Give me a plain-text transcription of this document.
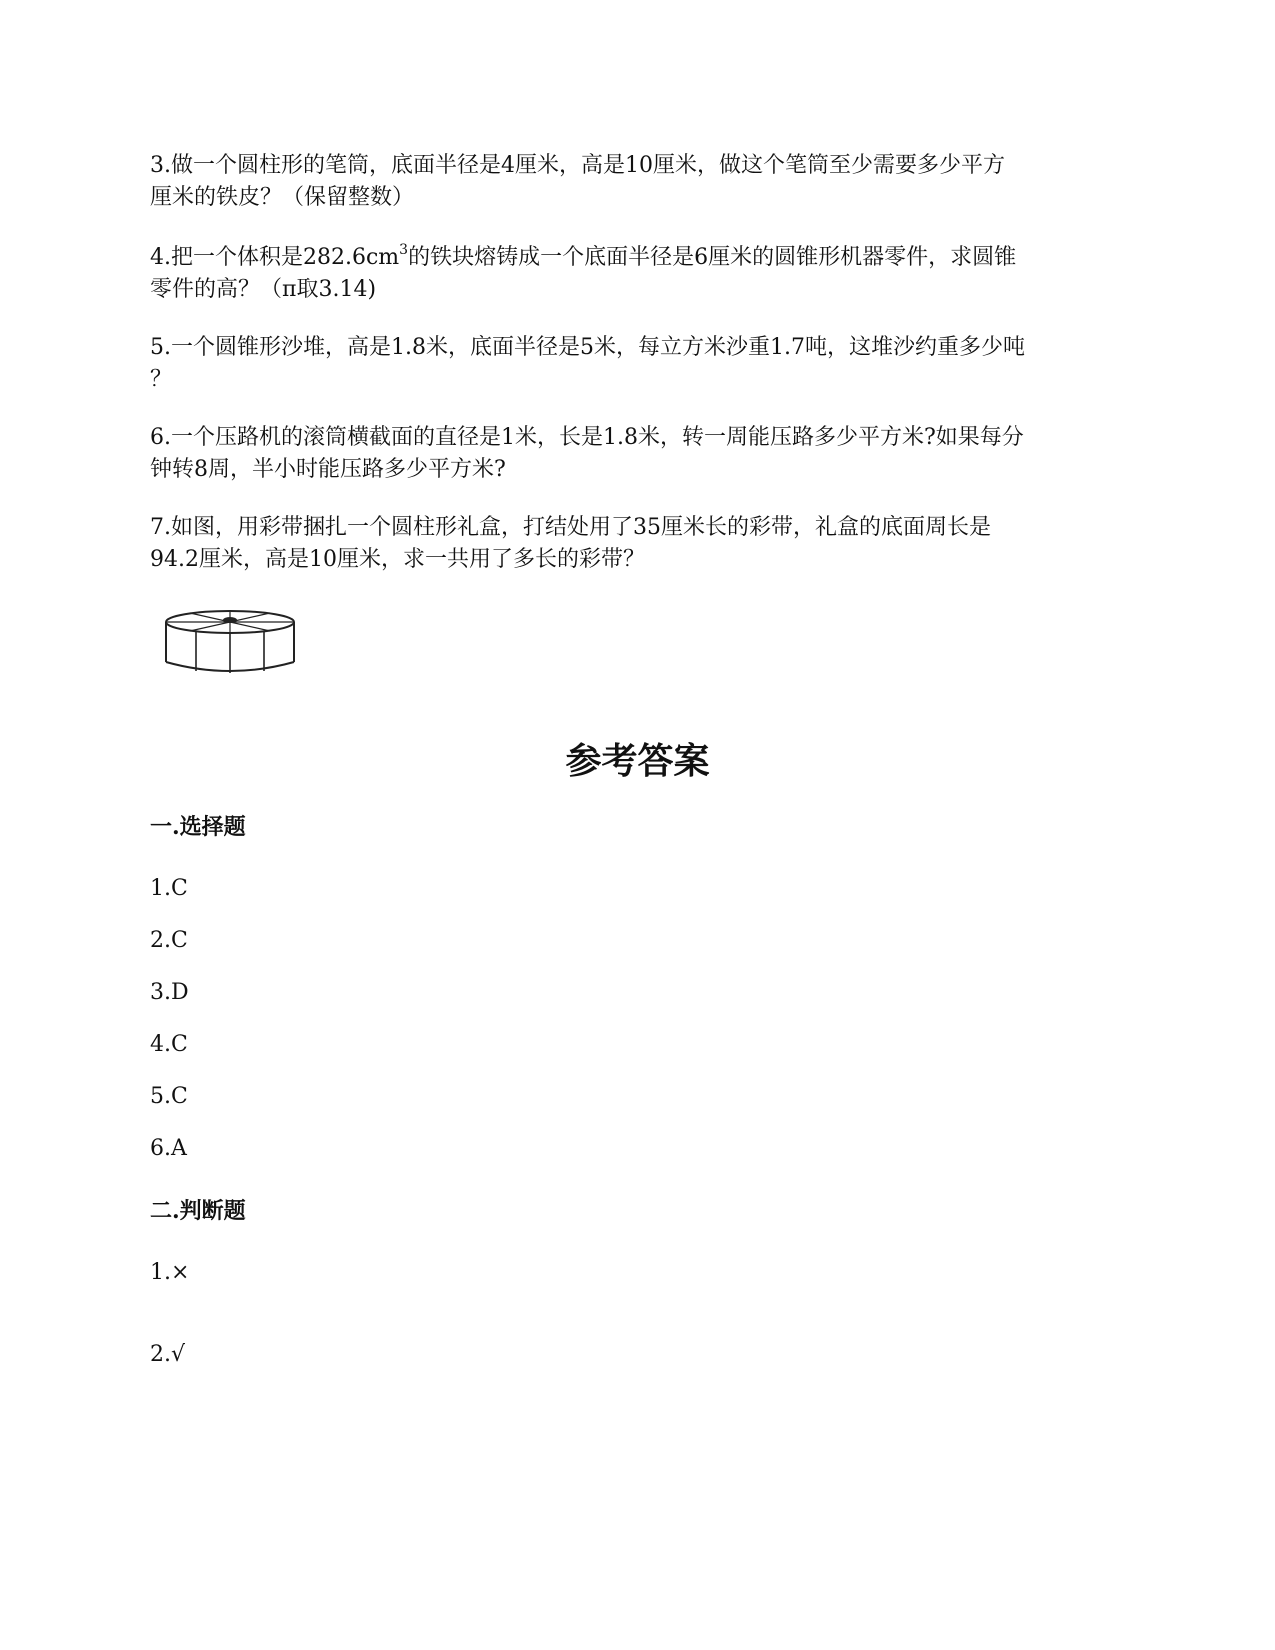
3.做一个圆柱形的笔筒，底面半径是4厘米，高是10厘米，做这个笔筒至少需要多少平方
厘米的铁皮？（保留整数）

4.把一个体积是$282.6cm^3$的铁块熔铸成一个底面半径是6厘米的圆锥形机器零件，求圆锥
零件的高？（π取3.14)

5.一个圆锥形沙堆，高是1.8米，底面半径是5米，每立方米沙重1.7吨，这堆沙约重多少吨
？

6.一个压路机的滚筒横截面的直径是1米，长是1.8米，转一周能压路多少平方米?如果每分
钟转8周，半小时能压路多少平方米?

7.如图，用彩带捆扎一个圆柱形礼盒，打结处用了35厘米长的彩带，礼盒的底面周长是
94.2厘米，高是10厘米，求一共用了多长的彩带？

参考答案
一.选择题

1.C

2.C

3.D

4.C

5.C

6.A

二.判断题

1.×

2.√
